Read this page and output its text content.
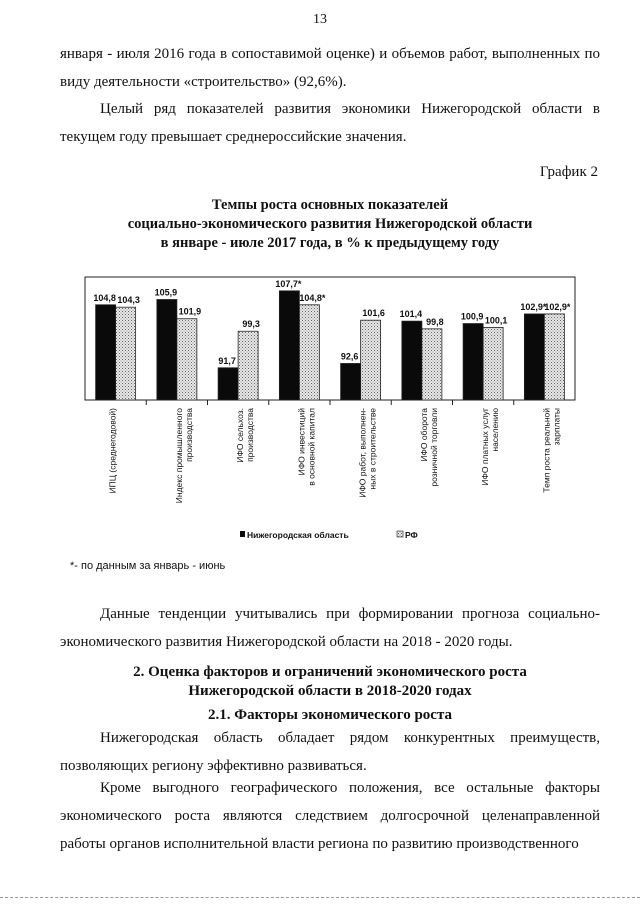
13

января - июля 2016 года в сопоставимой оценке) и объемов работ, выполненных по виду деятельности «строительство» (92,6%).

Целый ряд показателей развития экономики Нижегородской области в текущем году превышает среднероссийские значения.

График 2
Темпы роста основных показателей
социально-экономического развития Нижегородской области
в январе - июле 2017 года, в % к предыдущему году
104,8 104,3
ИПЦ (среднегодовой)
105,9
101,9
Индекс промышленногопроизводства
91,7
99,3
ИФО сельхоз.производства
107,7*
104,8*
ИФО инвестицийв основной капитал
92,6
101,6
ИФО работ, выполнен-ных в строительстве
101,4
99,8
ИФО оборотарозничной торговли
100,9 100,1
ИФО платных услугнаселению
102,9*
102,9*
Темп роста реальнойзарплаты
Нижегородская область	РФ
*- по данным за январь - июнь

Данные тенденции учитывались при формировании прогноза социально-экономического развития Нижегородской области на 2018 - 2020 годы.

2. Оценка факторов и ограничений экономического роста
Нижегородской области в 2018-2020 годах
2.1. Факторы экономического роста

Нижегородская область обладает рядом конкурентных преимуществ, позволяющих региону эффективно развиваться.

Кроме выгодного географического положения, все остальные факторы экономического роста являются следствием долгосрочной целенаправленной работы органов исполнительной власти региона по развитию производственного
